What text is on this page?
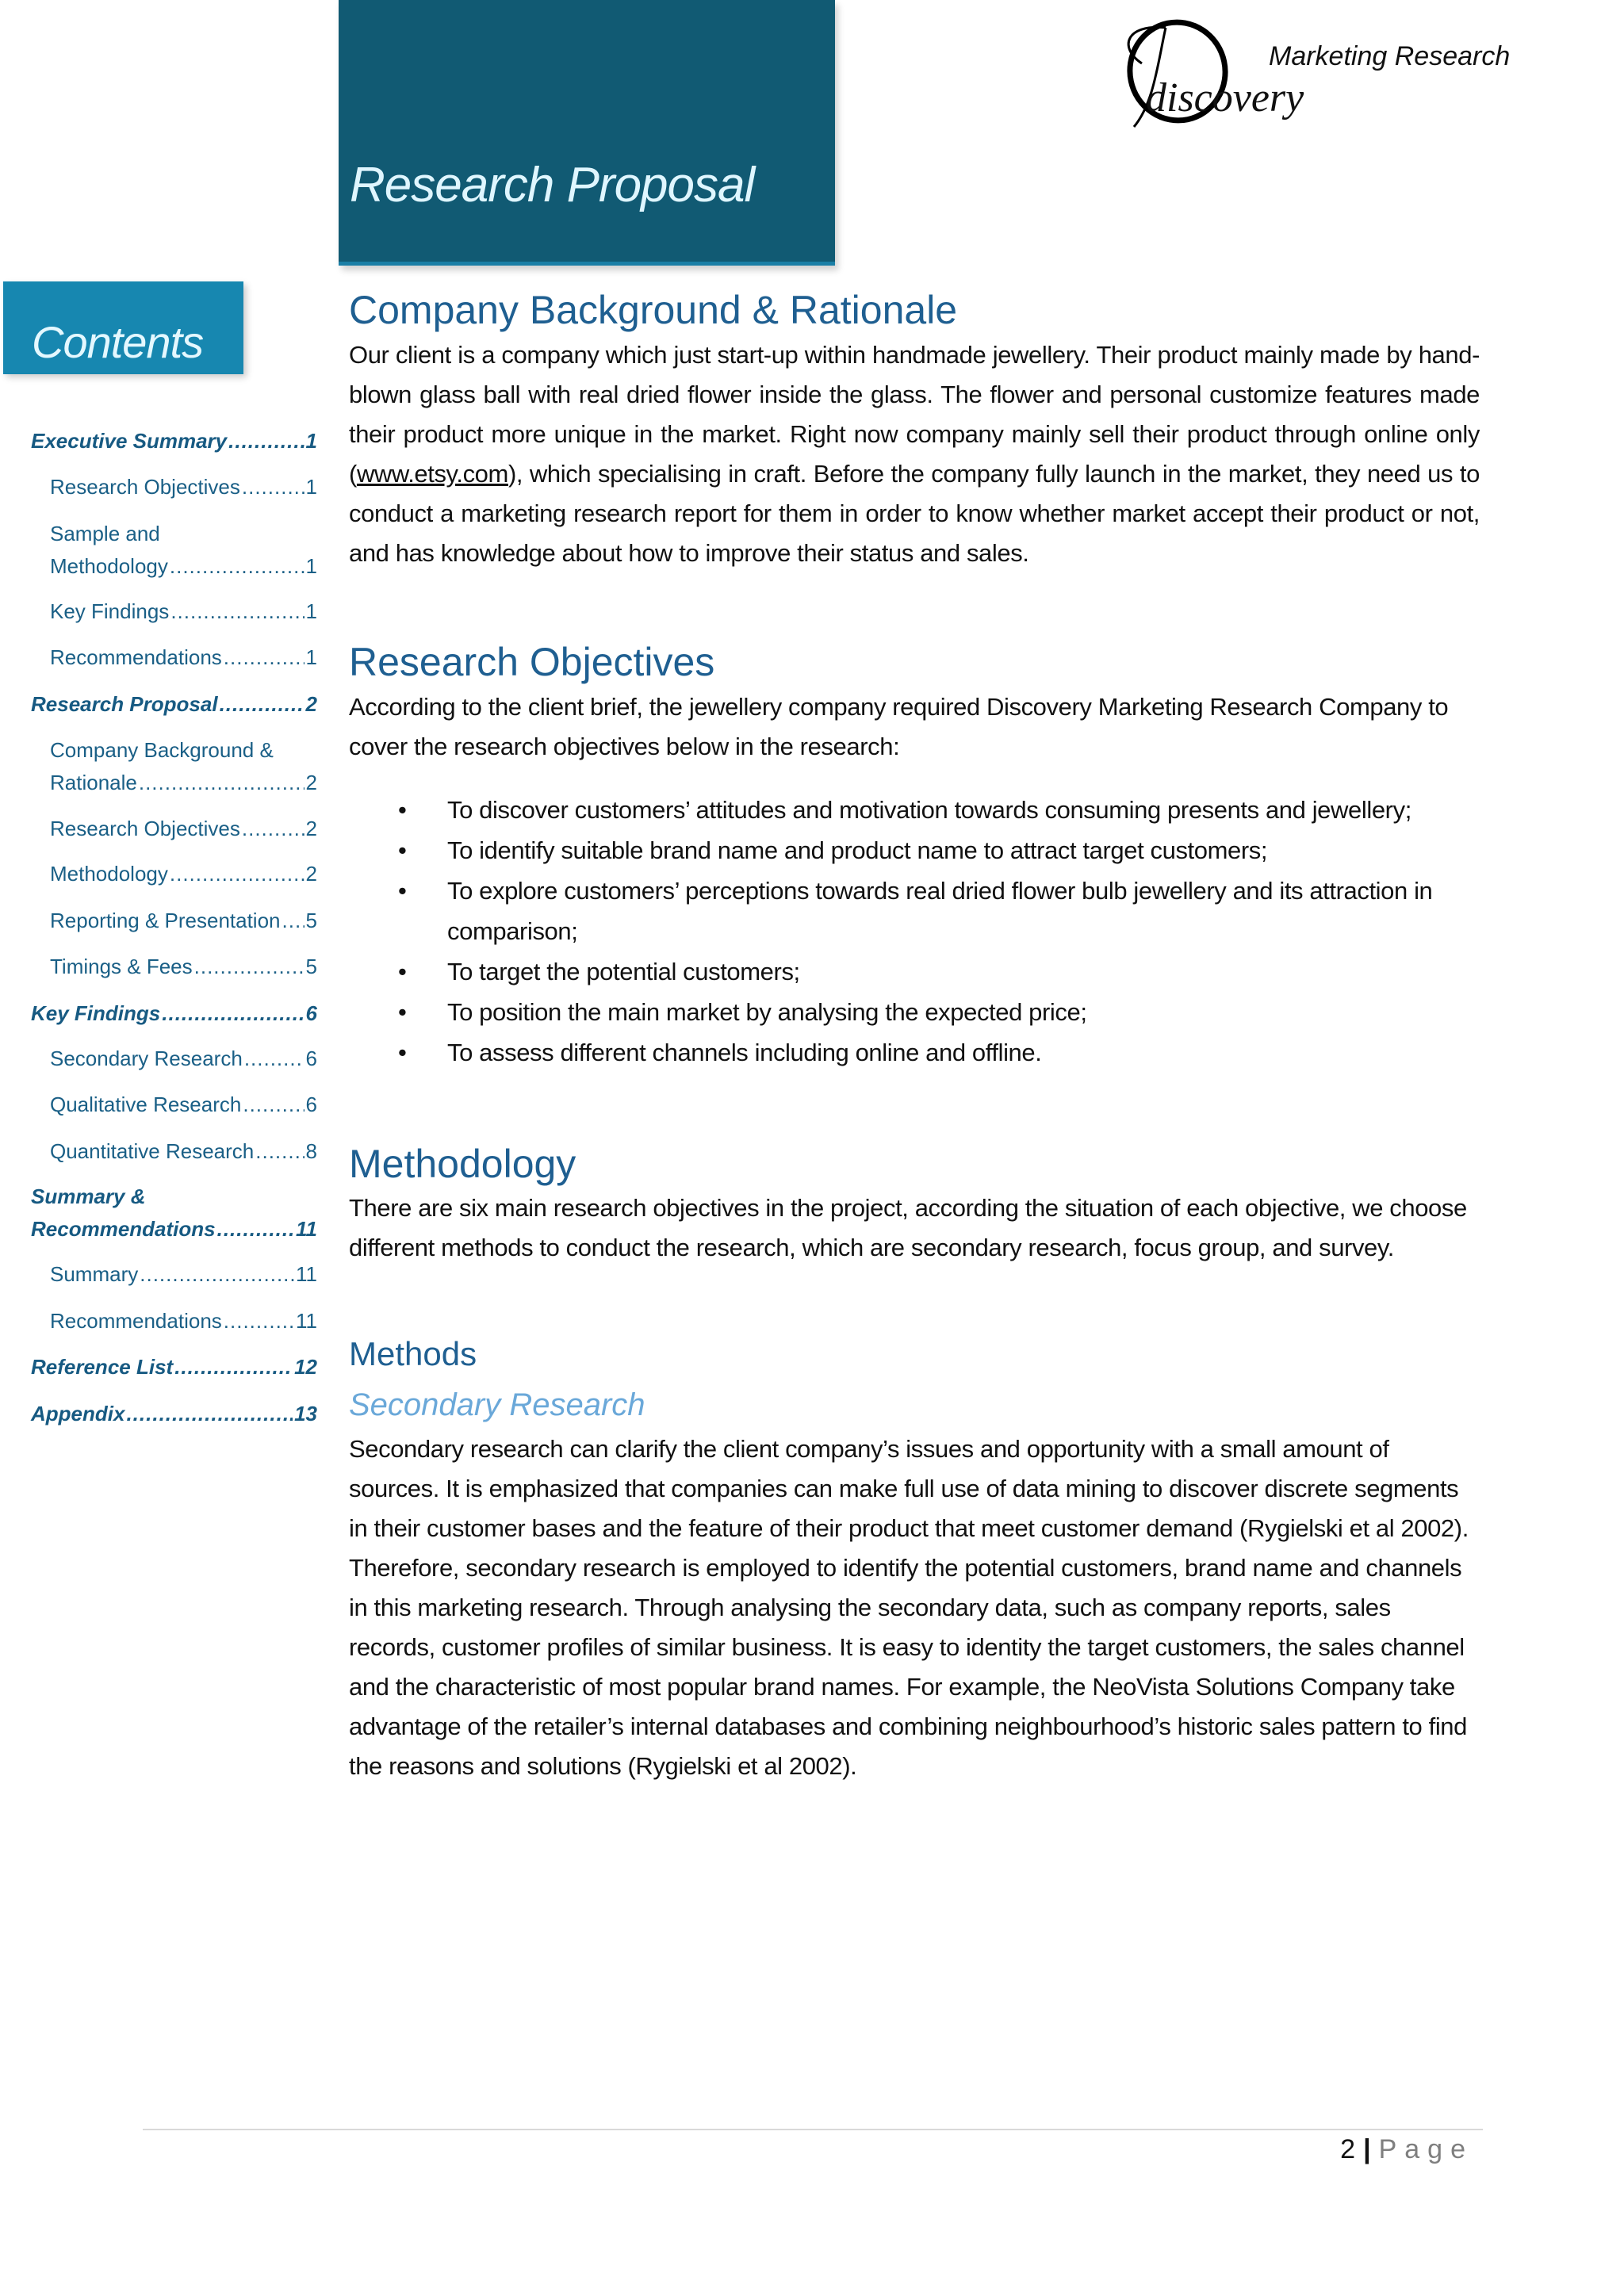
Research Proposal
discovery
Marketing Research
Contents
Executive Summary .....	1
Research Objectives .....	1
Sample and
Methodology .....	1
Key Findings .....	1
Recommendations .....	1
Research Proposal .....	2
Company Background &
Rationale .....	2
Research Objectives .....	2
Methodology .....	2
Reporting & Presentation ..... 5
Timings & Fees .....	5
Key Findings .....	6
Secondary Research .....	6
Qualitative Research .....	6
Quantitative Research .....	8
Summary &
Recommendations .....	11
Summary .....	11
Recommendations .....	11
Reference List .....	12
Appendix .....	13
Company Background & Rationale

Our client is a company which just start-up within handmade jewellery. Their product mainly made by hand-blown glass ball with real dried flower inside the glass. The flower and personal customize features made their product more unique in the market. Right now company mainly sell their product through online only (www.etsy.com), which specialising in craft. Before the company fully launch in the market, they need us to conduct a marketing research report for them in order to know whether market accept their product or not, and has knowledge about how to improve their status and sales.

Research Objectives

According to the client brief, the jewellery company required Discovery Marketing Research Company to cover the research objectives below in the research:

• To discover customers’ attitudes and motivation towards consuming presents and jewellery;
• To identify suitable brand name and product name to attract target customers;
• To explore customers’ perceptions towards real dried flower bulb jewellery and its attraction in comparison;
• To target the potential customers;
• To position the main market by analysing the expected price;
• To assess different channels including online and offline.
Methodology

There are six main research objectives in the project, according the situation of each objective, we choose different methods to conduct the research, which are secondary research, focus group, and survey.

Methods
Secondary Research

Secondary research can clarify the client company’s issues and opportunity with a small amount of sources. It is emphasized that companies can make full use of data mining to discover discrete segments in their customer bases and the feature of their product that meet customer demand (Rygielski et al 2002). Therefore, secondary research is employed to identify the potential customers, brand name and channels in this marketing research. Through analysing the secondary data, such as company reports, sales records, customer profiles of similar business. It is easy to identity the target customers, the sales channel and the characteristic of most popular brand names. For example, the NeoVista Solutions Company take advantage of the retailer’s internal databases and combining neighbourhood’s historic sales pattern to find the reasons and solutions (Rygielski et al 2002).

2 | Page
